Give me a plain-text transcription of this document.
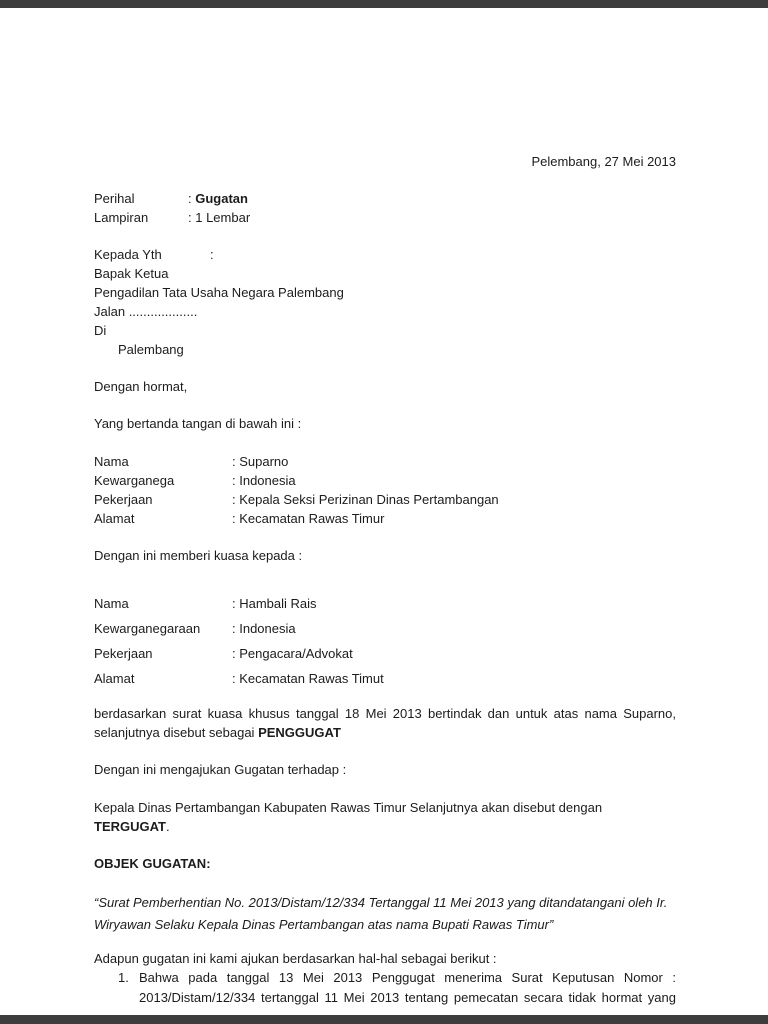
Pelembang, 27 Mei 2013

Perihal	: Gugatan

Lampiran	: 1 Lembar

Kepada Yth	:

Bapak Ketua

Pengadilan Tata Usaha Negara Palembang

Jalan ...................

Di

Palembang

Dengan hormat,

Yang bertanda tangan di bawah ini :

Nama	: Suparno

Kewarganega	: Indonesia

Pekerjaan	: Kepala Seksi Perizinan Dinas Pertambangan

Alamat	: Kecamatan Rawas Timur

Dengan ini memberi kuasa kepada :

Nama	: Hambali Rais

Kewarganegaraan : Indonesia

Pekerjaan	: Pengacara/Advokat

Alamat	: Kecamatan Rawas Timut

berdasarkan surat kuasa khusus tanggal 18 Mei 2013 bertindak dan untuk atas nama Suparno, selanjutnya disebut sebagai PENGGUGAT

Dengan ini mengajukan Gugatan terhadap :

Kepala Dinas Pertambangan Kabupaten Rawas Timur Selanjutnya akan disebut dengan TERGUGAT.

OBJEK GUGATAN:

“Surat Pemberhentian No. 2013/Distam/12/334 Tertanggal 11 Mei 2013 yang ditandatangani oleh Ir. Wiryawan Selaku Kepala Dinas Pertambangan atas nama Bupati Rawas Timur”

Adapun gugatan ini kami ajukan berdasarkan hal-hal sebagai berikut :

1. Bahwa pada tanggal 13 Mei 2013 Penggugat menerima Surat Keputusan Nomor : 2013/Distam/12/334 tertanggal 11 Mei 2013 tentang pemecatan secara tidak hormat yang
